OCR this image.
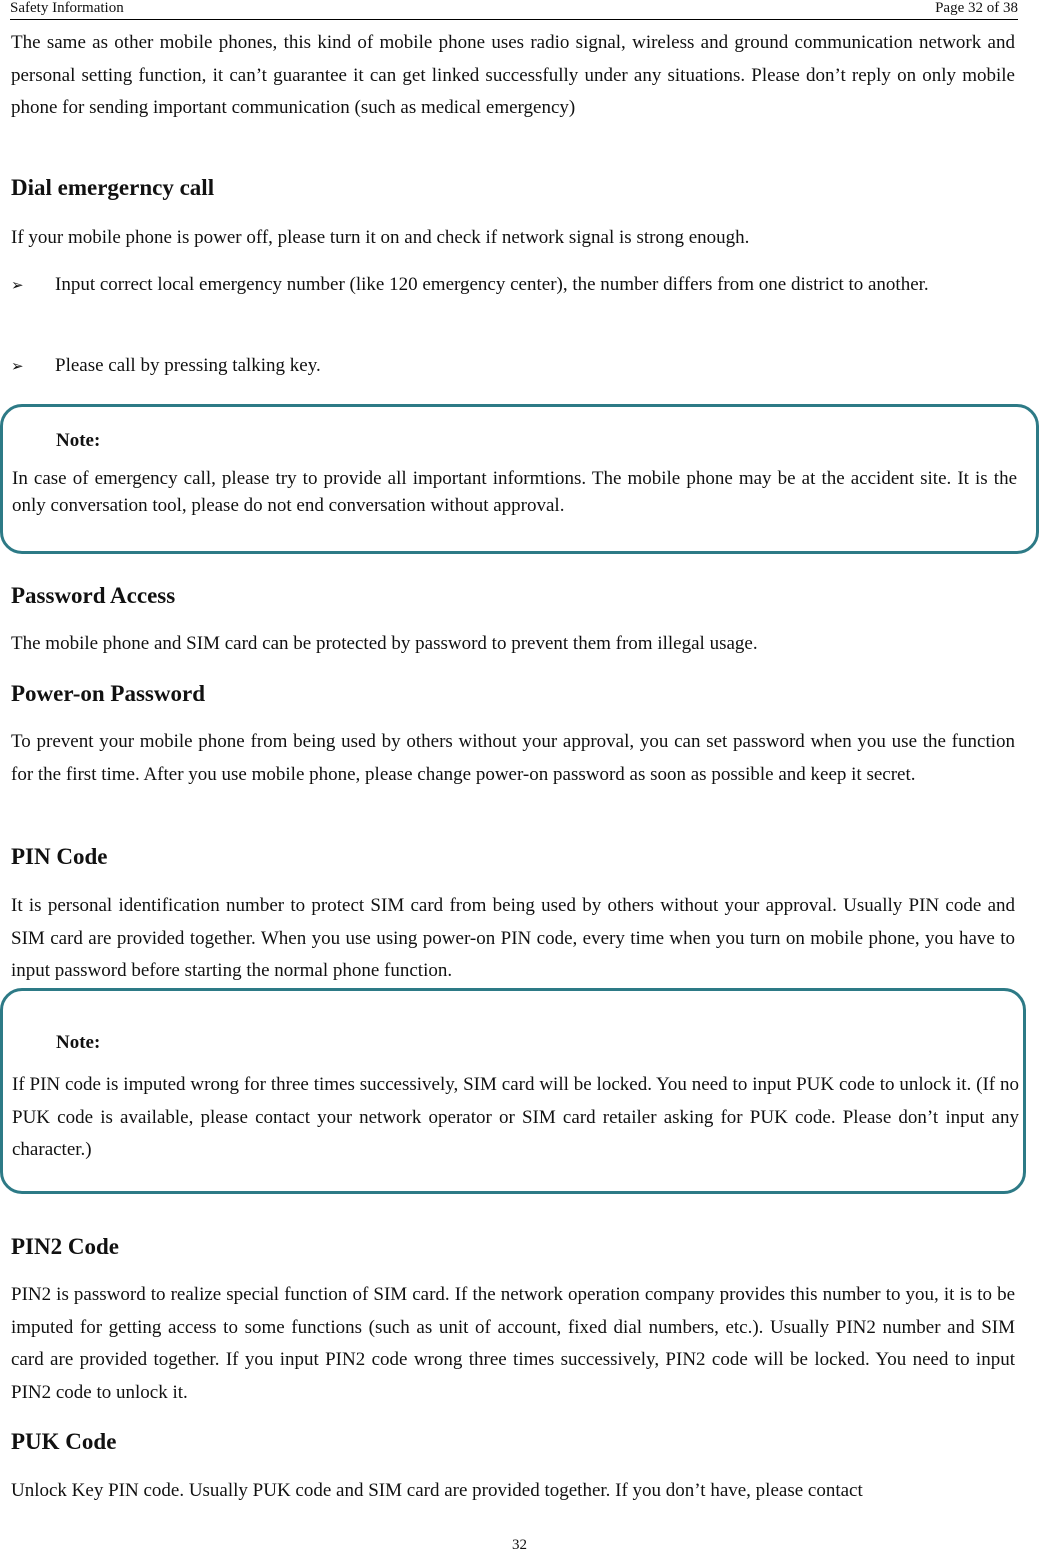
Safety Information	Page 32 of 38

The same as other mobile phones, this kind of mobile phone uses radio signal, wireless and ground communication network and personal setting function, it can’t guarantee it can get linked successfully under any situations. Please don’t reply on only mobile phone for sending important communication (such as medical emergency)

Dial emergerncy call

If your mobile phone is power off, please turn it on and check if network signal is strong enough.

➢	Input correct local emergency number (like 120 emergency center), the number differs from one district to another.

➢	Please call by pressing talking key.

Note:
In case of emergency call, please try to provide all important informtions. The mobile phone may be at the accident site. It is the only conversation tool, please do not end conversation without approval.
Password Access

The mobile phone and SIM card can be protected by password to prevent them from illegal usage.

Power-on Password

To prevent your mobile phone from being used by others without your approval, you can set password when you use the function for the first time. After you use mobile phone, please change power-on password as soon as possible and keep it secret.

PIN Code

It is personal identification number to protect SIM card from being used by others without your approval. Usually PIN code and SIM card are provided together. When you use using power-on PIN code, every time when you turn on mobile phone, you have to input password before starting the normal phone function.

Note:
If PIN code is imputed wrong for three times successively, SIM card will be locked. You need to input PUK code to unlock it. (If no PUK code is available, please contact your network operator or SIM card retailer asking for PUK code. Please don’t input any character.)
PIN2 Code

PIN2 is password to realize special function of SIM card. If the network operation company provides this number to you, it is to be imputed for getting access to some functions (such as unit of account, fixed dial numbers, etc.). Usually PIN2 number and SIM card are provided together. If you input PIN2 code wrong three times successively, PIN2 code will be locked. You need to input PIN2 code to unlock it.

PUK Code

Unlock Key PIN code. Usually PUK code and SIM card are provided together. If you don’t have, please contact

32
